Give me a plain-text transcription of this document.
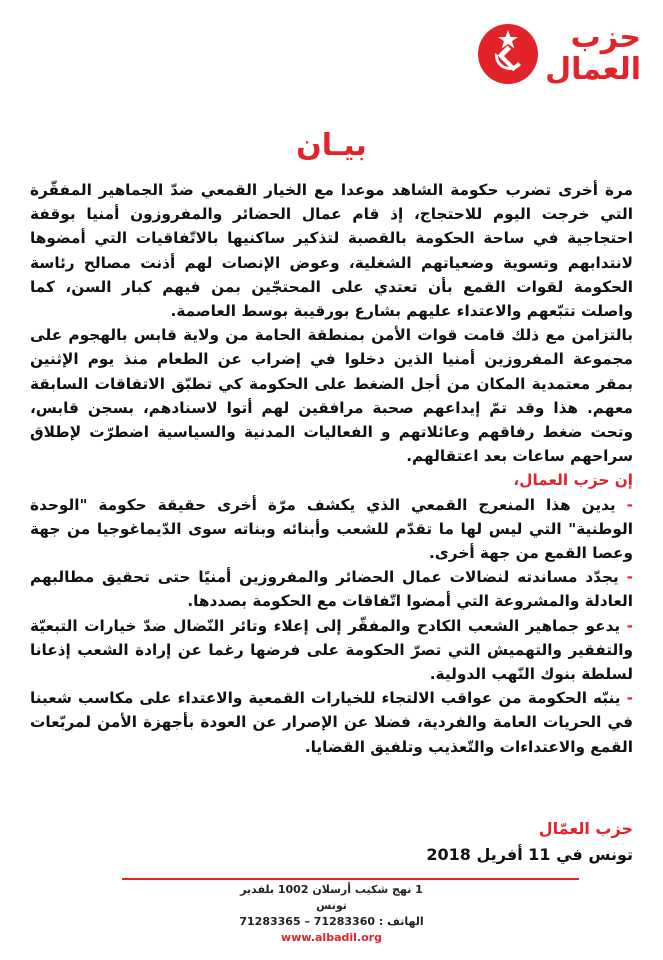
حزب
العمال
بيـان

مرة أخرى تضرب حكومة الشاهد موعدا مع الخيار القمعي ضدّ الجماهير المفقّرة التي خرجت اليوم للاحتجاج، إذ قام عمال الحضائر والمفروزون أمنيا بوقفة احتجاجية في ساحة الحكومة بالقصبة لتذكير ساكنيها بالاتّفاقيات التي أمضوها لانتدابهم وتسوية وضعياتهم الشغلية، وعوض الإنصات لهم أذنت مصالح رئاسة الحكومة لقوات القمع بأن تعتدي على المحتجّين بمن فيهم كبار السن، كما واصلت تتبّعهم والاعتداء عليهم بشارع بورقيبة بوسط العاصمة.

بالتزامن مع ذلك قامت قوات الأمن بمنطقة الحامة من ولاية قابس بالهجوم على مجموعة المفروزين أمنيا الذين دخلوا في إضراب عن الطعام منذ يوم الإثنين بمقر معتمدية المكان من أجل الضغط على الحكومة كي تطبّق الاتفاقات السابقة معهم. هذا وقد تمّ إيداعهم صحبة مرافقين لهم أتوا لاسنادهم، بسجن قابس، وتحت ضغط رفاقهم وعائلاتهم و الفعاليات المدنية والسياسية اضطرّت لإطلاق سراحهم ساعات بعد اعتقالهم.

إن حزب العمال،

- يدين هذا المنعرج القمعي الذي يكشف مرّة أخرى حقيقة حكومة "الوحدة الوطنية" التي ليس لها ما تقدّم للشعب وأبنائه وبناته سوى الدّيماغوجيا من جهة وعصا القمع من جهة أخرى.

- يجدّد مساندته لنضالات عمال الحضائر والمفروزين أمنيًا حتى تحقيق مطالبهم العادلة والمشروعة التي أمضوا اتّفاقات مع الحكومة بصددها.

- يدعو جماهير الشعب الكادح والمفقّر إلى إعلاء وتائر النّضال ضدّ خيارات التبعيّة والتفقير والتهميش التي تصرّ الحكومة على فرضها رغما عن إرادة الشعب إذعانا لسلطة بنوك النّهب الدولية.

- ينبّه الحكومة من عواقب الالتجاء للخيارات القمعية والاعتداء على مكاسب شعبنا في الحريات العامة والفردية، فضلا عن الإصرار عن العودة بأجهزة الأمن لمربّعات القمع والاعتداءات والتّعذيب وتلفيق القضايا.

حزب العمّال
تونس في 11 أفريل 2018
1 نهج شكيب أرسلان 1002 بلفدير تونس
الهاتف : 71283360 – 71283365
www.albadil.org
